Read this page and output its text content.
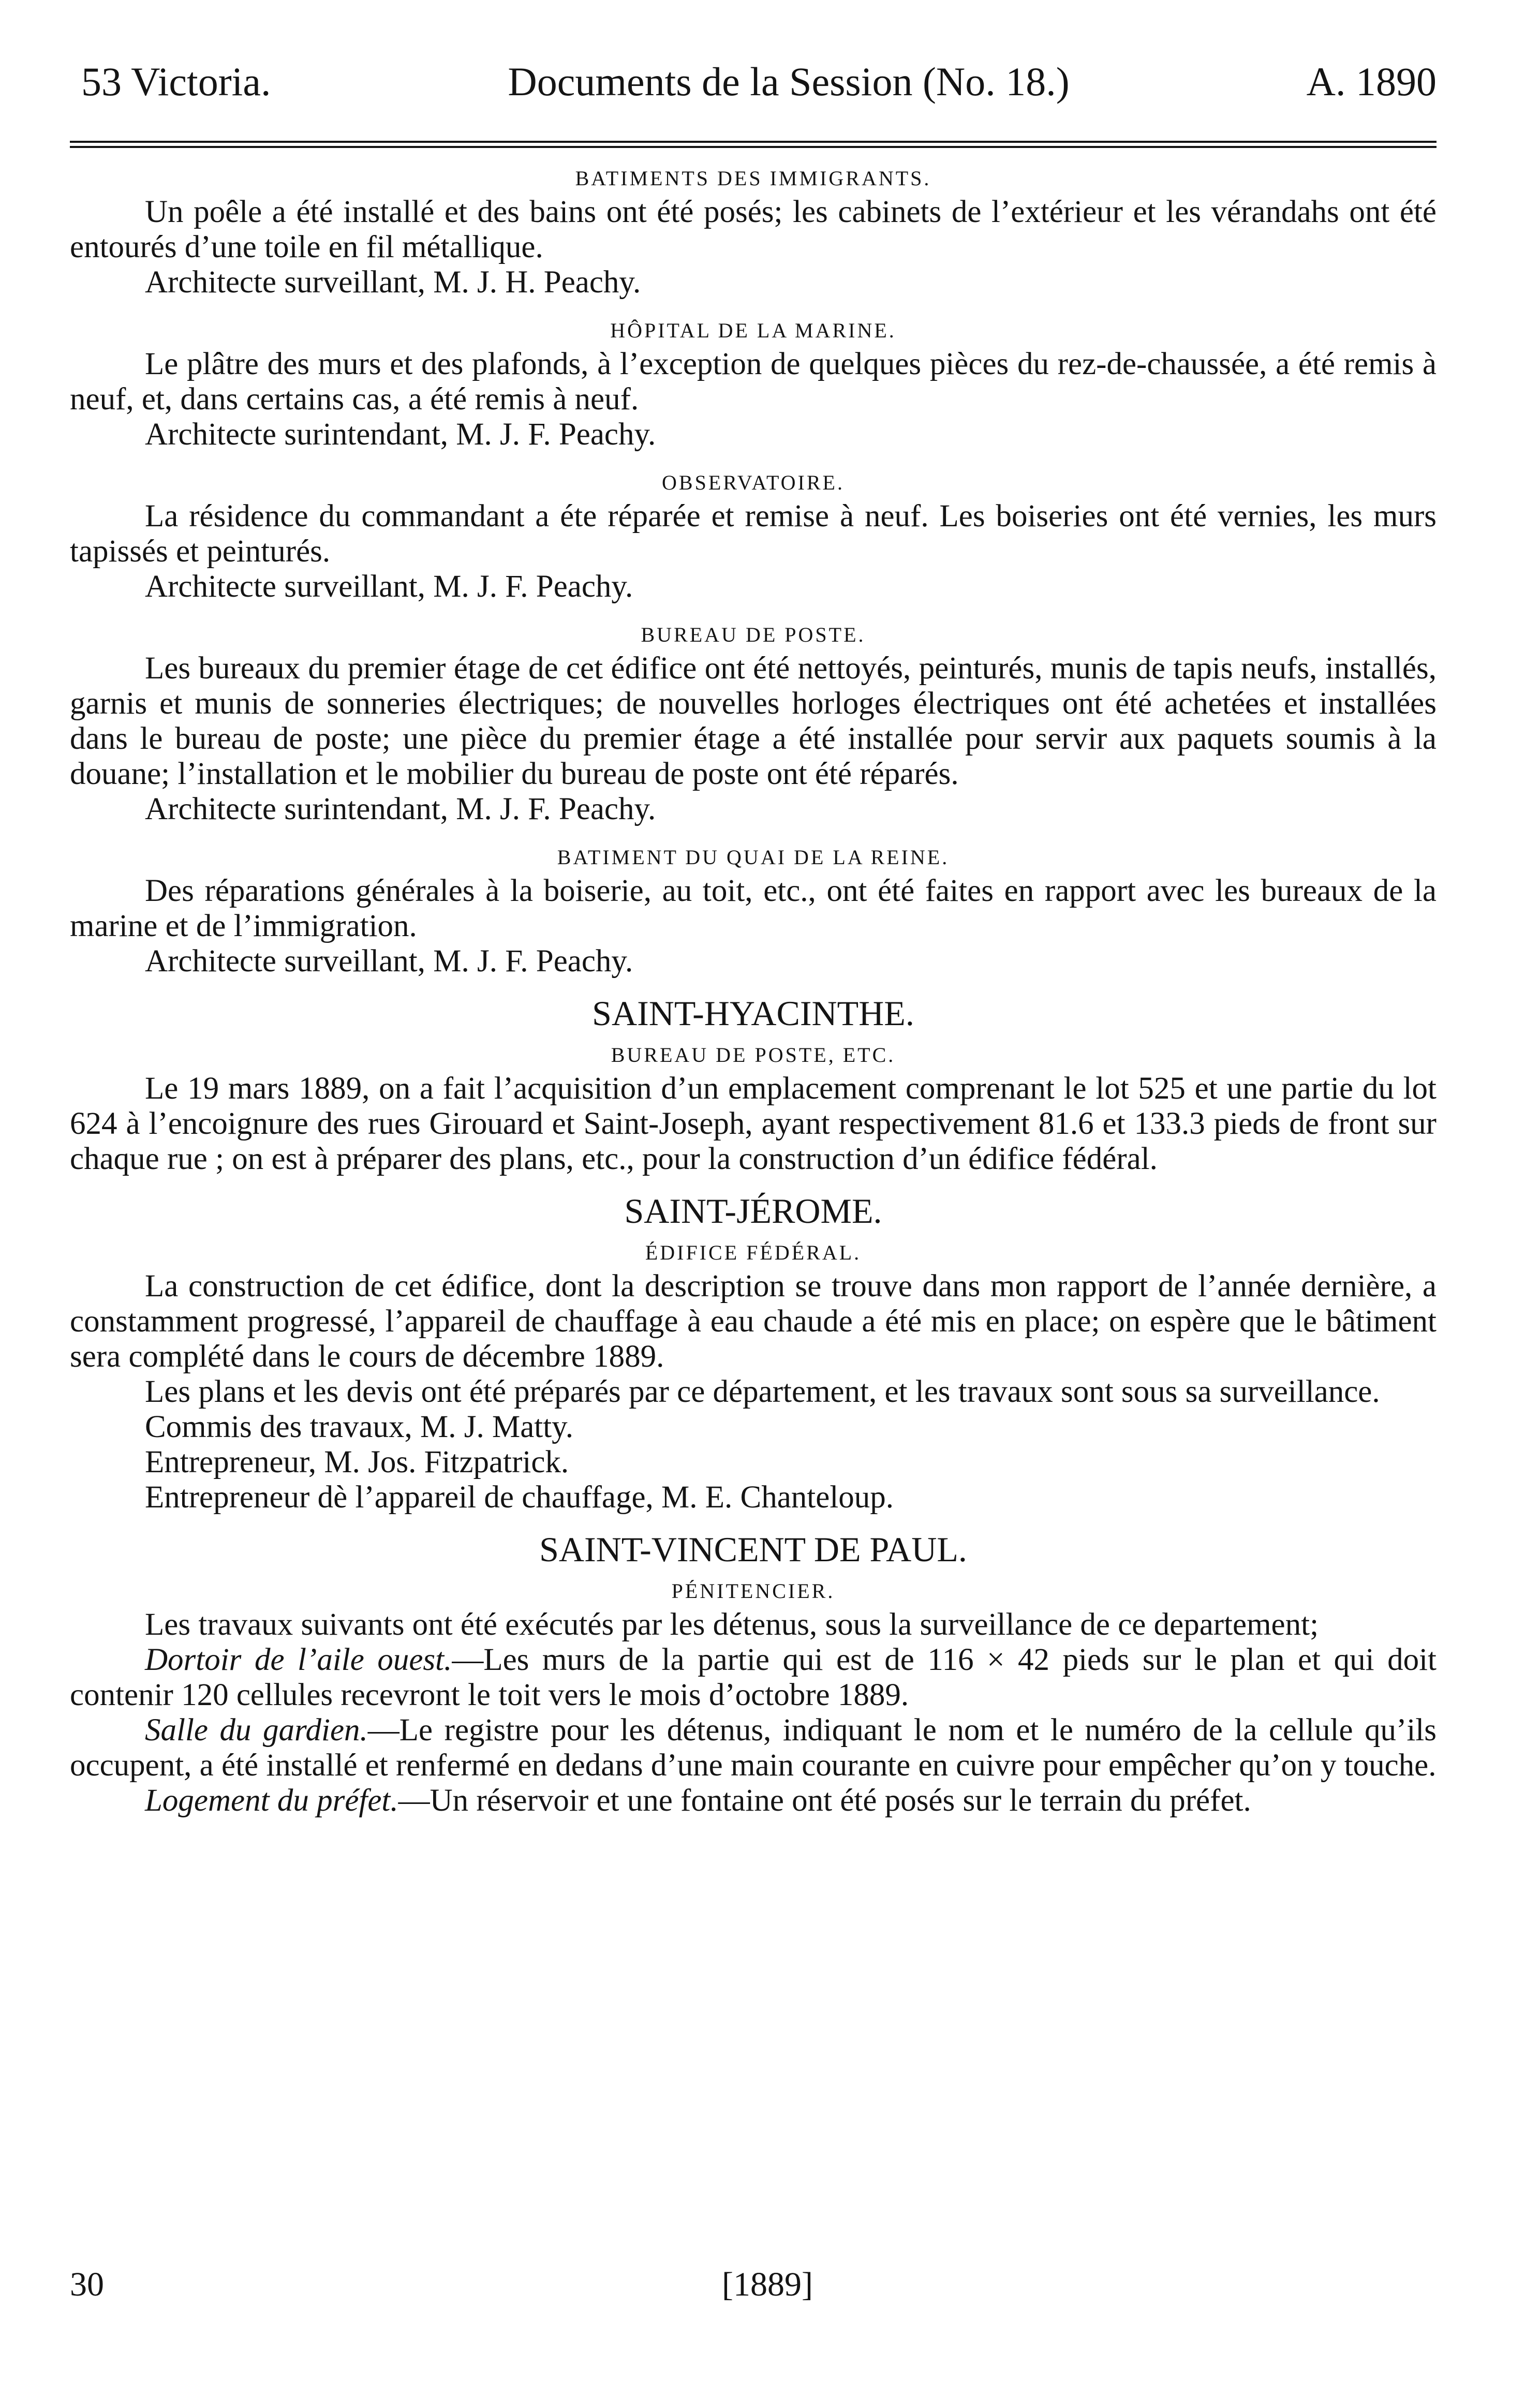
53 Victoria.	Documents de la Session (No. 18.)	A. 1890
BATIMENTS DES IMMIGRANTS.

Un poêle a été installé et des bains ont été posés; les cabinets de l’extérieur et les vérandahs ont été entourés d’une toile en fil métallique.

Architecte surveillant, M. J. H. Peachy.

HÔPITAL DE LA MARINE.

Le plâtre des murs et des plafonds, à l’exception de quelques pièces du rez-de-chaussée, a été remis à neuf, et, dans certains cas, a été remis à neuf.

Architecte surintendant, M. J. F. Peachy.

OBSERVATOIRE.

La résidence du commandant a éte réparée et remise à neuf. Les boiseries ont été vernies, les murs tapissés et peinturés.

Architecte surveillant, M. J. F. Peachy.

BUREAU DE POSTE.

Les bureaux du premier étage de cet édifice ont été nettoyés, peinturés, munis de tapis neufs, installés, garnis et munis de sonneries électriques; de nouvelles horloges électriques ont été achetées et installées dans le bureau de poste; une pièce du premier étage a été installée pour servir aux paquets soumis à la douane; l’installation et le mobilier du bureau de poste ont été réparés.

Architecte surintendant, M. J. F. Peachy.

BATIMENT DU QUAI DE LA REINE.

Des réparations générales à la boiserie, au toit, etc., ont été faites en rapport avec les bureaux de la marine et de l’immigration.

Architecte surveillant, M. J. F. Peachy.

SAINT-HYACINTHE.
BUREAU DE POSTE, ETC.

Le 19 mars 1889, on a fait l’acquisition d’un emplacement comprenant le lot 525 et une partie du lot 624 à l’encoignure des rues Girouard et Saint-Joseph, ayant respectivement 81.6 et 133.3 pieds de front sur chaque rue ; on est à préparer des plans, etc., pour la construction d’un édifice fédéral.

SAINT-JÉROME.
ÉDIFICE FÉDÉRAL.

La construction de cet édifice, dont la description se trouve dans mon rapport de l’année dernière, a constamment progressé, l’appareil de chauffage à eau chaude a été mis en place; on espère que le bâtiment sera complété dans le cours de décembre 1889.

Les plans et les devis ont été préparés par ce département, et les travaux sont sous sa surveillance.

Commis des travaux, M. J. Matty.

Entrepreneur, M. Jos. Fitzpatrick.

Entrepreneur dè l’appareil de chauffage, M. E. Chanteloup.

SAINT-VINCENT DE PAUL.
PÉNITENCIER.

Les travaux suivants ont été exécutés par les détenus, sous la surveillance de ce departement;

Dortoir de l’aile ouest.—Les murs de la partie qui est de 116 × 42 pieds sur le plan et qui doit contenir 120 cellules recevront le toit vers le mois d’octobre 1889.

Salle du gardien.—Le registre pour les détenus, indiquant le nom et le numéro de la cellule qu’ils occupent, a été installé et renfermé en dedans d’une main courante en cuivre pour empêcher qu’on y touche.

Logement du préfet.—Un réservoir et une fontaine ont été posés sur le terrain du préfet.

30	[1889]
